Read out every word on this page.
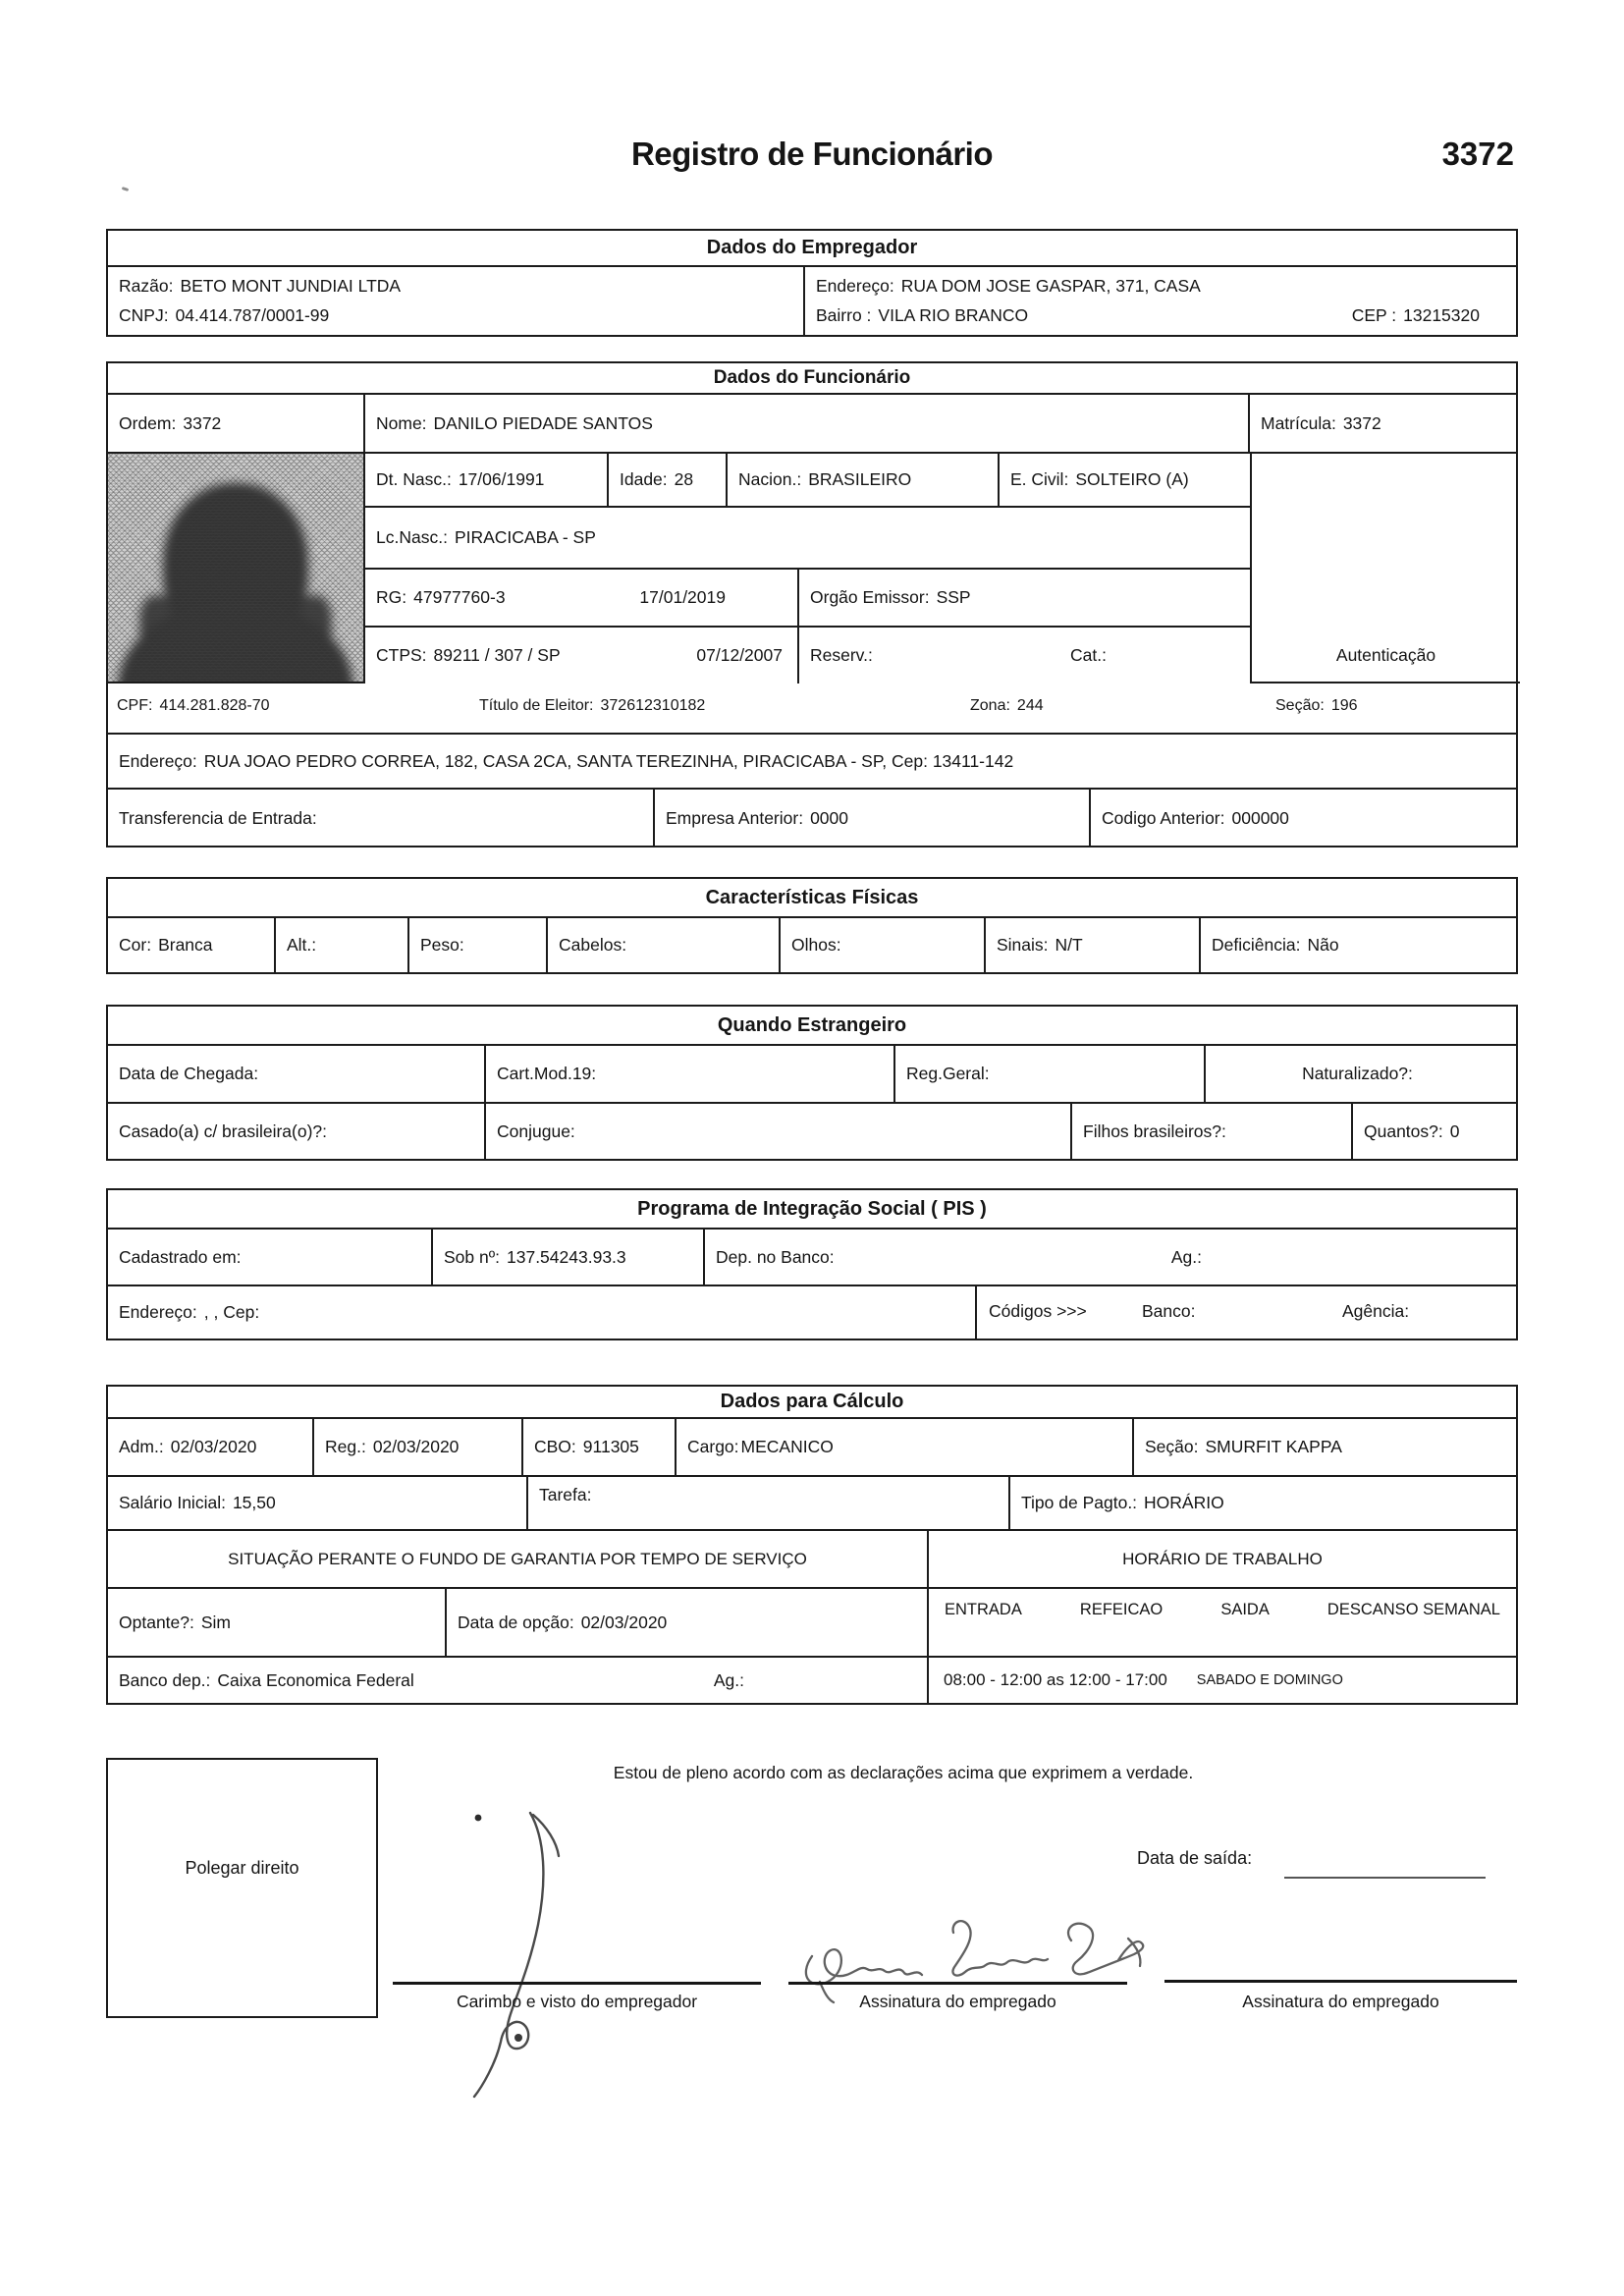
Registro de Funcionário	3372
Dados do Empregador
Razão: BETO MONT JUNDIAI LTDA
CNPJ: 04.414.787/0001-99
Endereço: RUA DOM JOSE GASPAR, 371, CASA
Bairro : VILA RIO BRANCO	CEP : 13215320
Dados do Funcionário
Ordem: 3372	Nome: DANILO PIEDADE SANTOS	Matrícula: 3372
Autenticação
Dt. Nasc.: 17/06/1991	Idade: 28	Nacion.: BRASILEIRO	E. Civil: SOLTEIRO (A)
Lc.Nasc.: PIRACICABA - SP
RG: 47977760-3	17/01/2019	Orgão Emissor: SSP
CTPS: 89211 / 307 / SP	07/12/2007 Reserv.:	Cat.:
CPF: 414.281.828-70	Título de Eleitor: 372612310182	Zona: 244	Seção: 196
Endereço: RUA JOAO PEDRO CORREA, 182, CASA 2CA, SANTA TEREZINHA, PIRACICABA - SP, Cep: 13411-142
Transferencia de Entrada:	Empresa Anterior: 0000	Codigo Anterior: 000000
Características Físicas
Cor: Branca	Alt.:	Peso:	Cabelos:	Olhos:	Sinais: N/T	Deficiência: Não
Quando Estrangeiro
Data de Chegada:	Cart.Mod.19:	Reg.Geral:	Naturalizado?:
Casado(a) c/ brasileira(o)?:	Conjugue:	Filhos brasileiros?:	Quantos?: 0
Programa de Integração Social ( PIS )
Cadastrado em:	Sob nº: 137.54243.93.3	Dep. no Banco:	Ag.:
Endereço: , , Cep:	Códigos >>>	Banco:	Agência:
Dados para Cálculo
Adm.: 02/03/2020	Reg.: 02/03/2020	CBO: 911305	Cargo: MECANICO	Seção: SMURFIT KAPPA
Salário Inicial: 15,50	Tarefa:	Tipo de Pagto.: HORÁRIO
SITUAÇÃO PERANTE O FUNDO DE GARANTIA POR TEMPO DE SERVIÇO	HORÁRIO DE TRABALHO
Optante?: Sim	Data de opção: 02/03/2020
ENTRADA	REFEICAO	SAIDA	DESCANSO SEMANAL
Banco dep.: Caixa Economica Federal	Ag.:	08:00 - 12:00 as 12:00 - 17:00 SABADO E DOMINGO
Polegar direito
Estou de pleno acordo com as declarações acima que exprimem a verdade.
Data de saída:
Carimbo e visto do empregador	Assinatura do empregado	Assinatura do empregado
